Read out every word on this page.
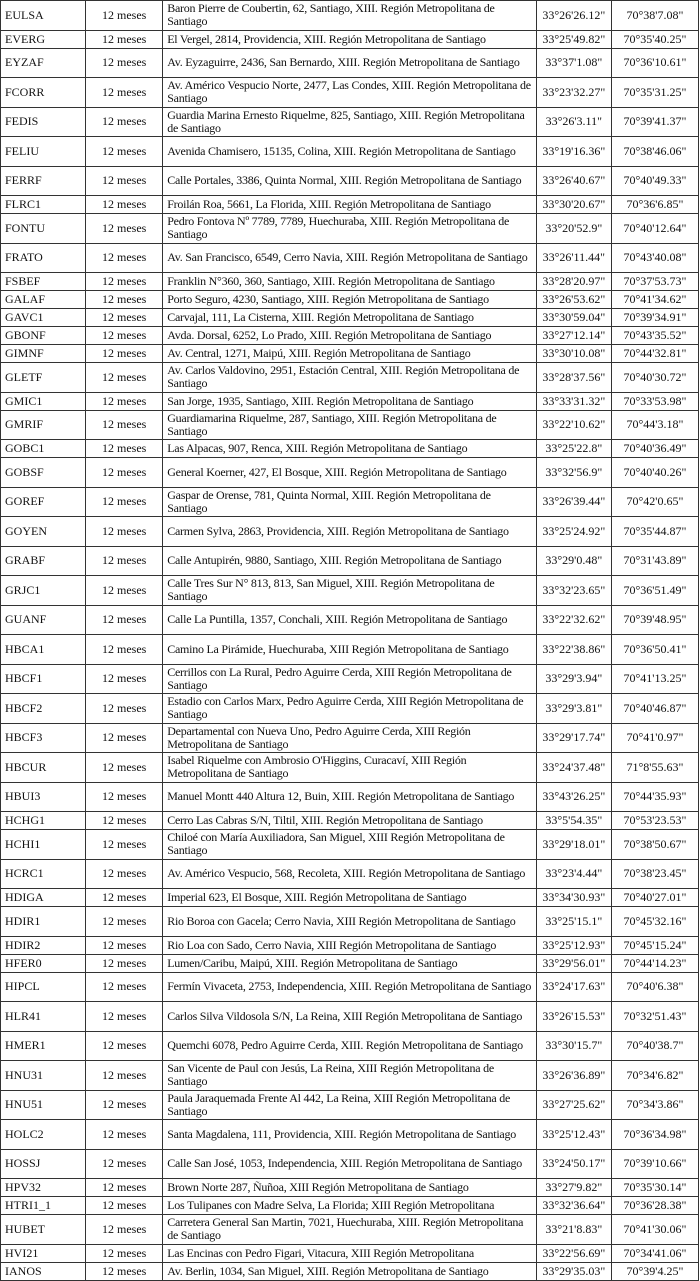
EULSA	12 meses	Baron Pierre de Coubertin, 62, Santiago, XIII. Región Metropolitana de Santiago	33°26'26.12"	70°38'7.08"
EVERG	12 meses	El Vergel, 2814, Providencia, XIII. Región Metropolitana de Santiago	33°25'49.82"	70°35'40.25"
EYZAF	12 meses	Av. Eyzaguirre, 2436, San Bernardo, XIII. Región Metropolitana de Santiago	33°37'1.08"	70°36'10.61"
FCORR	12 meses	Av. Américo Vespucio Norte, 2477, Las Condes, XIII. Región Metropolitana de Santiago	33°23'32.27"	70°35'31.25"
FEDIS	12 meses	Guardia Marina Ernesto Riquelme, 825, Santiago, XIII. Región Metropolitana de Santiago	33°26'3.11"	70°39'41.37"
FELIU	12 meses	Avenida Chamisero, 15135, Colina, XIII. Región Metropolitana de Santiago	33°19'16.36"	70°38'46.06"
FERRF	12 meses	Calle Portales, 3386, Quinta Normal, XIII. Región Metropolitana de Santiago	33°26'40.67"	70°40'49.33"
FLRC1	12 meses	Froilán Roa, 5661, La Florida, XIII. Región Metropolitana de Santiago	33°30'20.67"	70°36'6.85"
FONTU	12 meses	Pedro Fontova Nº 7789, 7789, Huechuraba, XIII. Región Metropolitana de Santiago	33°20'52.9"	70°40'12.64"
FRATO	12 meses	Av. San Francisco, 6549, Cerro Navia, XIII. Región Metropolitana de Santiago	33°26'11.44"	70°43'40.08"
FSBEF	12 meses	Franklin N°360, 360, Santiago, XIII. Región Metropolitana de Santiago	33°28'20.97"	70°37'53.73"
GALAF	12 meses	Porto Seguro, 4230, Santiago, XIII. Región Metropolitana de Santiago	33°26'53.62"	70°41'34.62"
GAVC1	12 meses	Carvajal, 111, La Cisterna, XIII. Región Metropolitana de Santiago	33°30'59.04"	70°39'34.91"
GBONF	12 meses	Avda. Dorsal, 6252, Lo Prado, XIII. Región Metropolitana de Santiago	33°27'12.14"	70°43'35.52"
GIMNF	12 meses	Av. Central, 1271, Maipú, XIII. Región Metropolitana de Santiago	33°30'10.08"	70°44'32.81"
GLETF	12 meses	Av. Carlos Valdovino, 2951, Estación Central, XIII. Región Metropolitana de Santiago	33°28'37.56"	70°40'30.72"
GMIC1	12 meses	San Jorge, 1935, Santiago, XIII. Región Metropolitana de Santiago	33°33'31.32"	70°33'53.98"
GMRIF	12 meses	Guardiamarina Riquelme, 287, Santiago, XIII. Región Metropolitana de Santiago	33°22'10.62"	70°44'3.18"
GOBC1	12 meses	Las Alpacas, 907, Renca, XIII. Región Metropolitana de Santiago	33°25'22.8"	70°40'36.49"
GOBSF	12 meses	General Koerner, 427, El Bosque, XIII. Región Metropolitana de Santiago	33°32'56.9"	70°40'40.26"
GOREF	12 meses	Gaspar de Orense, 781, Quinta Normal, XIII. Región Metropolitana de Santiago	33°26'39.44"	70°42'0.65"
GOYEN	12 meses	Carmen Sylva, 2863, Providencia, XIII. Región Metropolitana de Santiago	33°25'24.92"	70°35'44.87"
GRABF	12 meses	Calle Antupirén, 9880, Santiago, XIII. Región Metropolitana de Santiago	33°29'0.48"	70°31'43.89"
GRJC1	12 meses	Calle Tres Sur N° 813, 813, San Miguel, XIII. Región Metropolitana de Santiago	33°32'23.65"	70°36'51.49"
GUANF	12 meses	Calle La Puntilla, 1357, Conchali, XIII. Región Metropolitana de Santiago	33°22'32.62"	70°39'48.95"
HBCA1	12 meses	Camino La Pirámide, Huechuraba, XIII Región Metropolitana de Santiago	33°22'38.86"	70°36'50.41"
HBCF1	12 meses	Cerrillos con La Rural, Pedro Aguirre Cerda, XIII Región Metropolitana de Santiago	33°29'3.94"	70°41'13.25"
HBCF2	12 meses	Estadio con Carlos Marx, Pedro Aguirre Cerda, XIII Región Metropolitana de Santiago	33°29'3.81"	70°40'46.87"
HBCF3	12 meses	Departamental con Nueva Uno, Pedro Aguirre Cerda, XIII Región Metropolitana de Santiago	33°29'17.74"	70°41'0.97"
HBCUR	12 meses	Isabel Riquelme con Ambrosio O'Higgins, Curacaví, XIII Región Metropolitana de Santiago	33°24'37.48"	71°8'55.63"
HBUI3	12 meses	Manuel Montt 440 Altura 12, Buin, XIII. Región Metropolitana de Santiago	33°43'26.25"	70°44'35.93"
HCHG1	12 meses	Cerro Las Cabras S/N, Tiltil, XIII. Región Metropolitana de Santiago	33°5'54.35"	70°53'23.53"
HCHI1	12 meses	Chiloé con María Auxiliadora, San Miguel, XIII Región Metropolitana de Santiago	33°29'18.01"	70°38'50.67"
HCRC1	12 meses	Av. Américo Vespucio, 568, Recoleta, XIII. Región Metropolitana de Santiago	33°23'4.44"	70°38'23.45"
HDIGA	12 meses	Imperial 623, El Bosque, XIII. Región Metropolitana de Santiago	33°34'30.93"	70°40'27.01"
HDIR1	12 meses	Rio Boroa con Gacela; Cerro Navia, XIII Región Metropolitana de Santiago	33°25'15.1"	70°45'32.16"
HDIR2	12 meses	Rio Loa con Sado, Cerro Navia, XIII Región Metropolitana de Santiago	33°25'12.93"	70°45'15.24"
HFER0	12 meses	Lumen/Caribu, Maipú, XIII. Región Metropolitana de Santiago	33°29'56.01"	70°44'14.23"
HIPCL	12 meses	Fermín Vivaceta, 2753, Independencia, XIII. Región Metropolitana de Santiago	33°24'17.63"	70°40'6.38"
HLR41	12 meses	Carlos Silva Vildosola S/N, La Reina, XIII Región Metropolitana de Santiago	33°26'15.53"	70°32'51.43"
HMER1	12 meses	Quemchi 6078, Pedro Aguirre Cerda, XIII. Región Metropolitana de Santiago	33°30'15.7"	70°40'38.7"
HNU31	12 meses	San Vicente de Paul con Jesús, La Reina, XIII Región Metropolitana de Santiago	33°26'36.89"	70°34'6.82"
HNU51	12 meses	Paula Jaraquemada Frente Al 442, La Reina, XIII Región Metropolitana de Santiago	33°27'25.62"	70°34'3.86"
HOLC2	12 meses	Santa Magdalena, 111, Providencia, XIII. Región Metropolitana de Santiago	33°25'12.43"	70°36'34.98"
HOSSJ	12 meses	Calle San José, 1053, Independencia, XIII. Región Metropolitana de Santiago	33°24'50.17"	70°39'10.66"
HPV32	12 meses	Brown Norte 287, Ñuñoa, XIII Región Metropolitana de Santiago	33°27'9.82"	70°35'30.14"
HTRI1_1	12 meses	Los Tulipanes con Madre Selva, La Florida; XIII Región Metropolitana	33°32'36.64"	70°36'28.38"
HUBET	12 meses	Carretera General San Martin, 7021, Huechuraba, XIII. Región Metropolitana de Santiago	33°21'8.83"	70°41'30.06"
HVI21	12 meses	Las Encinas con Pedro Figari, Vitacura, XIII Región Metropolitana	33°22'56.69"	70°34'41.06"
IANOS	12 meses	Av. Berlin, 1034, San Miguel, XIII. Región Metropolitana de Santiago	33°29'35.03"	70°39'4.25"
